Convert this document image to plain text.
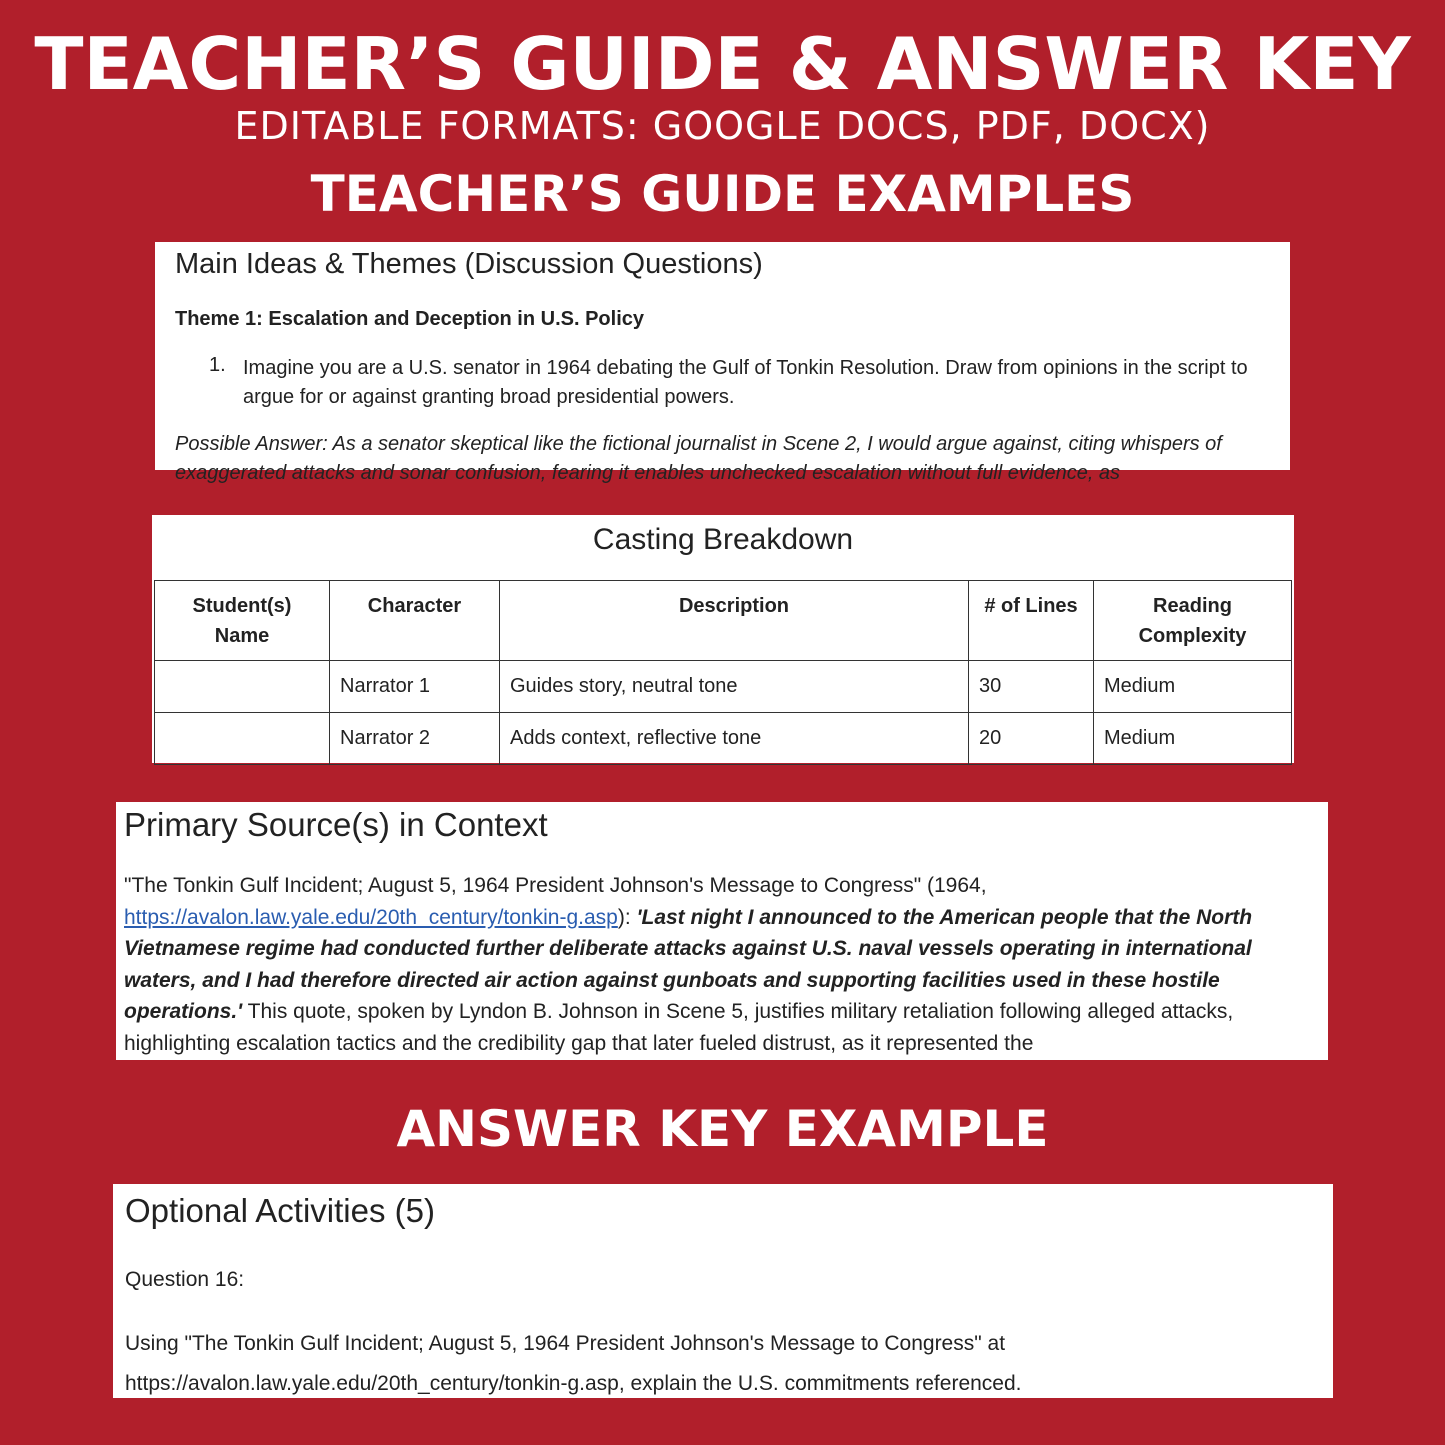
TEACHER’S GUIDE & ANSWER KEY
EDITABLE FORMATS: GOOGLE DOCS, PDF, DOCX)
TEACHER’S GUIDE EXAMPLES
Main Ideas & Themes (Discussion Questions)
Theme 1: Escalation and Deception in U.S. Policy
1. Imagine you are a U.S. senator in 1964 debating the Gulf of Tonkin Resolution. Draw from opinions in the script to argue for or against granting broad presidential powers.
Possible Answer: As a senator skeptical like the fictional journalist in Scene 2, I would argue against, citing whispers of exaggerated attacks and sonar confusion, fearing it enables unchecked escalation without full evidence, as
Casting Breakdown
Student(s) Name	Character	Description	# of Lines	Reading Complexity
	Narrator 1	Guides story, neutral tone	30	Medium
	Narrator 2	Adds context, reflective tone	20	Medium
Primary Source(s) in Context
"The Tonkin Gulf Incident; August 5, 1964 President Johnson's Message to Congress" (1964, https://avalon.law.yale.edu/20th_century/tonkin-g.asp): 'Last night I announced to the American people that the North Vietnamese regime had conducted further deliberate attacks against U.S. naval vessels operating in international waters, and I had therefore directed air action against gunboats and supporting facilities used in these hostile operations.' This quote, spoken by Lyndon B. Johnson in Scene 5, justifies military retaliation following alleged attacks, highlighting escalation tactics and the credibility gap that later fueled distrust, as it represented the
ANSWER KEY EXAMPLE
Optional Activities (5)
Question 16:
Using "The Tonkin Gulf Incident; August 5, 1964 President Johnson's Message to Congress" at https://avalon.law.yale.edu/20th_century/tonkin-g.asp, explain the U.S. commitments referenced.
